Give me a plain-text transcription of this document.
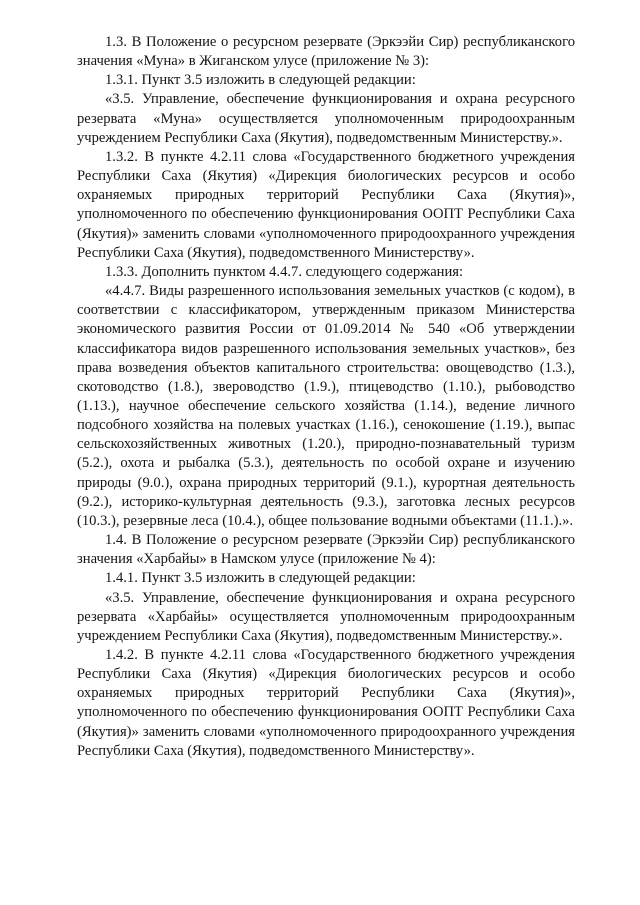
1.3. В Положение о ресурсном резервате (Эркээйи Сир) республиканского значения «Муна» в Жиганском улусе (приложение № 3):

1.3.1. Пункт 3.5 изложить в следующей редакции:

«3.5. Управление, обеспечение функционирования и охрана ресурсного резервата «Муна» осуществляется уполномоченным природоохранным учреждением Республики Саха (Якутия), подведомственным Министерству.».

1.3.2. В пункте 4.2.11 слова «Государственного бюджетного учреждения Республики Саха (Якутия) «Дирекция биологических ресурсов и особо охраняемых природных территорий Республики Саха (Якутия)», уполномоченного по обеспечению функционирования ООПТ Республики Саха (Якутия)» заменить словами «уполномоченного природоохранного учреждения Республики Саха (Якутия), подведомственного Министерству».

1.3.3. Дополнить пунктом 4.4.7. следующего содержания:

«4.4.7. Виды разрешенного использования земельных участков (с кодом), в соответствии с классификатором, утвержденным приказом Министерства экономического развития России от 01.09.2014 № 540 «Об утверждении классификатора видов разрешенного использования земельных участков», без права возведения объектов капитального строительства: овощеводство (1.3.), скотоводство (1.8.), звероводство (1.9.), птицеводство (1.10.), рыбоводство (1.13.), научное обеспечение сельского хозяйства (1.14.), ведение личного подсобного хозяйства на полевых участках (1.16.), сенокошение (1.19.), выпас сельскохозяйственных животных (1.20.), природно-познавательный туризм (5.2.), охота и рыбалка (5.3.), деятельность по особой охране и изучению природы (9.0.), охрана природных территорий (9.1.), курортная деятельность (9.2.), историко-культурная деятельность (9.3.), заготовка лесных ресурсов (10.3.), резервные леса (10.4.), общее пользование водными объектами (11.1.).».

1.4. В Положение о ресурсном резервате (Эркээйи Сир) республиканского значения «Харбайы» в Намском улусе (приложение № 4):

1.4.1. Пункт 3.5 изложить в следующей редакции:

«3.5. Управление, обеспечение функционирования и охрана ресурсного резервата «Харбайы» осуществляется уполномоченным природоохранным учреждением Республики Саха (Якутия), подведомственным Министерству.».

1.4.2. В пункте 4.2.11 слова «Государственного бюджетного учреждения Республики Саха (Якутия) «Дирекция биологических ресурсов и особо охраняемых природных территорий Республики Саха (Якутия)», уполномоченного по обеспечению функционирования ООПТ Республики Саха (Якутия)» заменить словами «уполномоченного природоохранного учреждения Республики Саха (Якутия), подведомственного Министерству».
